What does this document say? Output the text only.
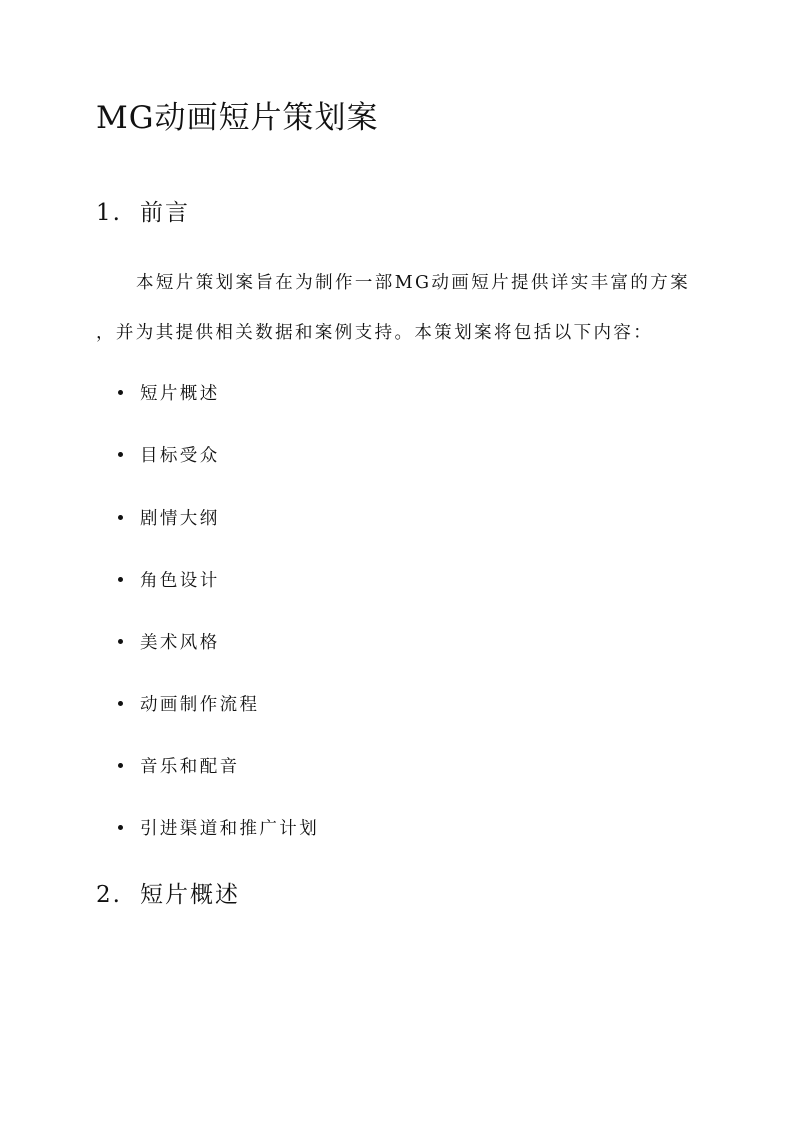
MG动画短片策划案
1. 前言

本短片策划案旨在为制作一部MG动画短片提供详实丰富的方案

，并为其提供相关数据和案例支持。本策划案将包括以下内容：

短片概述
目标受众
剧情大纲
角色设计
美术风格
动画制作流程
音乐和配音
引进渠道和推广计划
2. 短片概述
